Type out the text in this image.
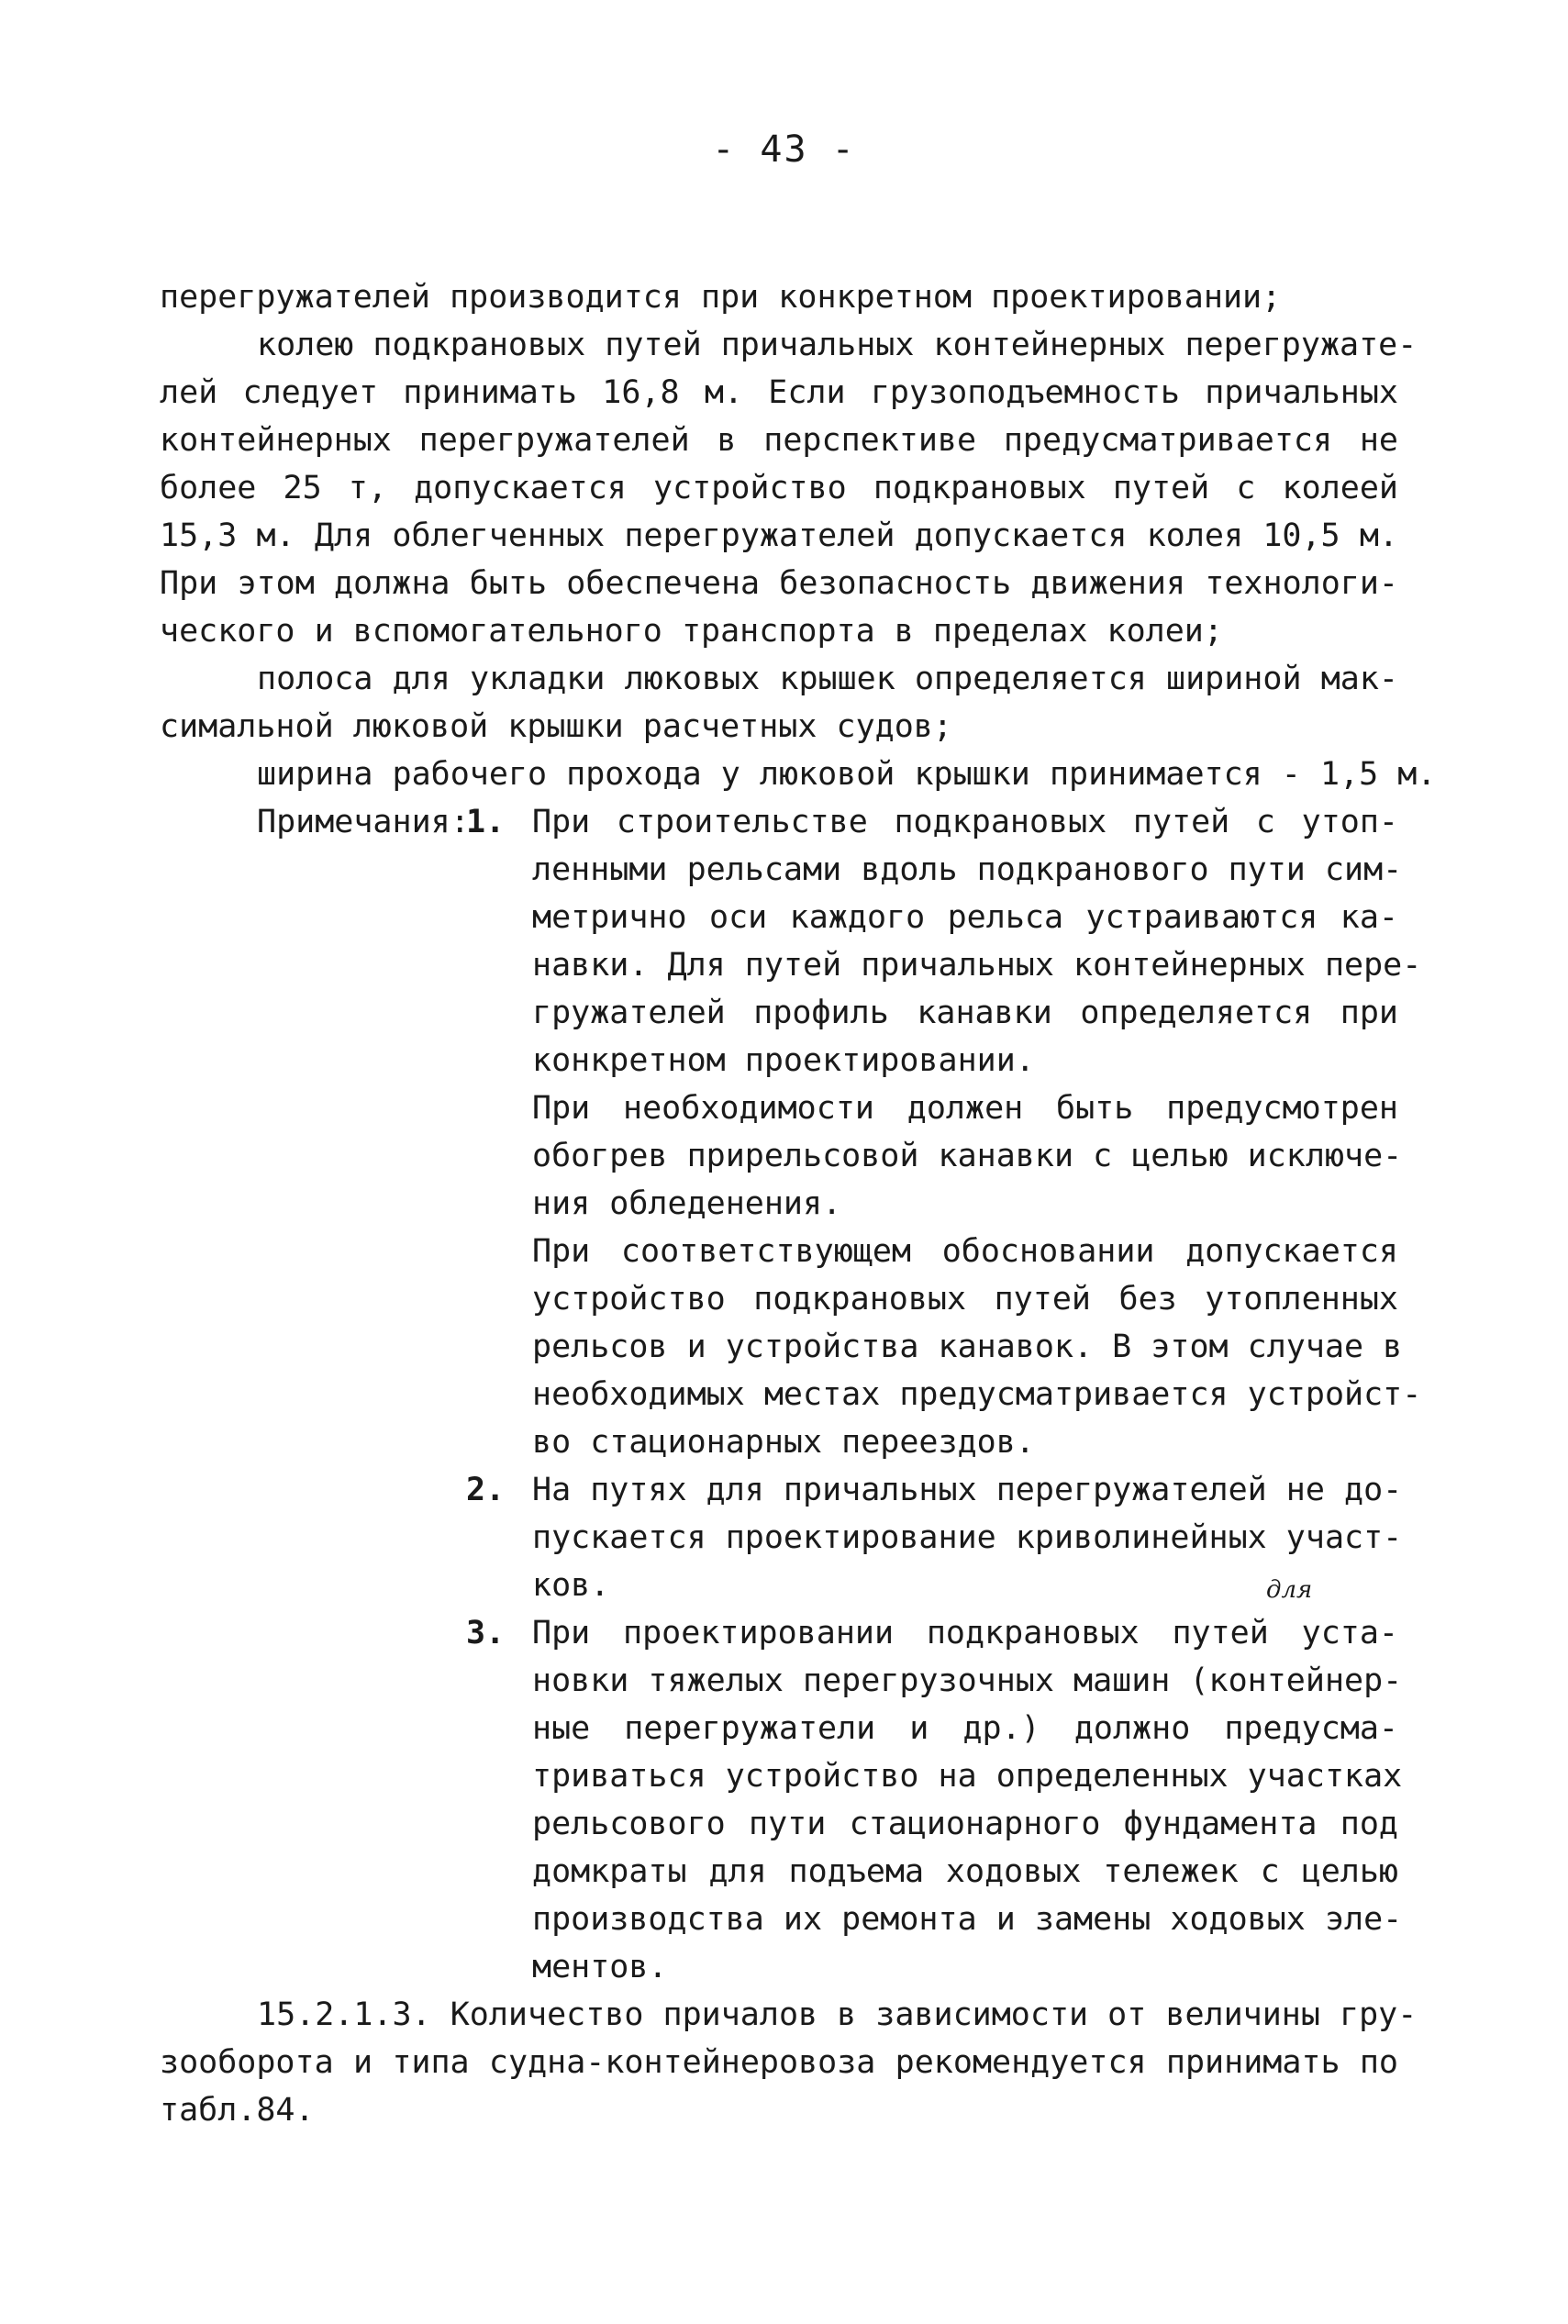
- 43 -
перегружателей производится при конкретном проектировании;
колею подкрановых путей причальных контейнерных перегружате-
лей следует принимать 16,8 м. Если грузоподъемность причальных
контейнерных перегружателей в перспективе предусматривается не
более 25 т, допускается устройство подкрановых путей с колеей
15,3 м. Для облегченных перегружателей допускается колея 10,5 м.
При этом должна быть обеспечена безопасность движения технологи-
ческого и вспомогательного транспорта в пределах колеи;
полоса для укладки люковых крышек определяется шириной мак-
симальной люковой крышки расчетных судов;
ширина рабочего прохода у люковой крышки принимается - 1,5 м.
При строительстве подкрановых путей с утоп-
ленными рельсами вдоль подкранового пути сим-
метрично оси каждого рельса устраиваются ка-
навки. Для путей причальных контейнерных пере-
гружателей профиль канавки определяется при
конкретном проектировании.
При необходимости должен быть предусмотрен
обогрев прирельсовой канавки с целью исключе-
ния обледенения.
При соответствующем обосновании допускается
устройство подкрановых путей без утопленных
рельсов и устройства канавок. В этом случае в
необходимых местах предусматривается устройст-
во стационарных переездов.
На путях для причальных перегружателей не до-
пускается проектирование криволинейных участ-
ков.
При проектировании подкрановых путей уста-
новки тяжелых перегрузочных машин (контейнер-
ные перегружатели и др.) должно предусма-
триваться устройство на определенных участках
рельсового пути стационарного фундамента под
домкраты для подъема ходовых тележек с целью
производства их ремонта и замены ходовых эле-
ментов.
15.2.1.3. Количество причалов в зависимости от величины гру-
зооборота и типа судна-контейнеровоза рекомендуется принимать по
табл.84.
Примечания:
1.
2.
3.
для
